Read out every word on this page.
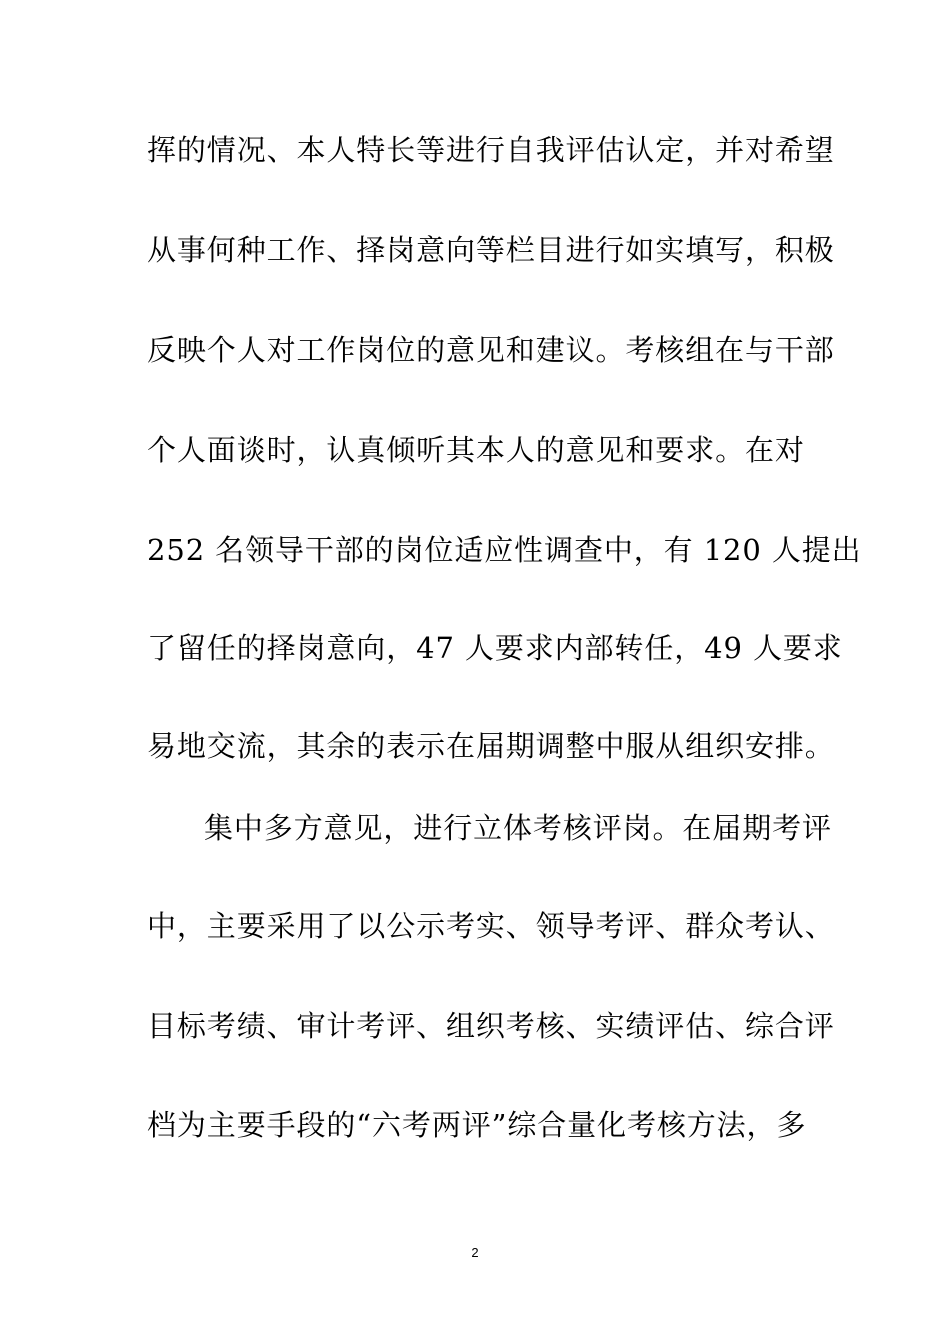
挥的情况、本人特长等进行自我评估认定，并对希望
从事何种工作、择岗意向等栏目进行如实填写，积极
反映个人对工作岗位的意见和建议。考核组在与干部
个人面谈时，认真倾听其本人的意见和要求。在对
252 名领导干部的岗位适应性调查中，有 120 人提出
了留任的择岗意向，47 人要求内部转任，49 人要求
易地交流，其余的表示在届期调整中服从组织安排。
集中多方意见，进行立体考核评岗。在届期考评
中，主要采用了以公示考实、领导考评、群众考认、
目标考绩、审计考评、组织考核、实绩评估、综合评
档为主要手段的“六考两评”综合量化考核方法，多
2
